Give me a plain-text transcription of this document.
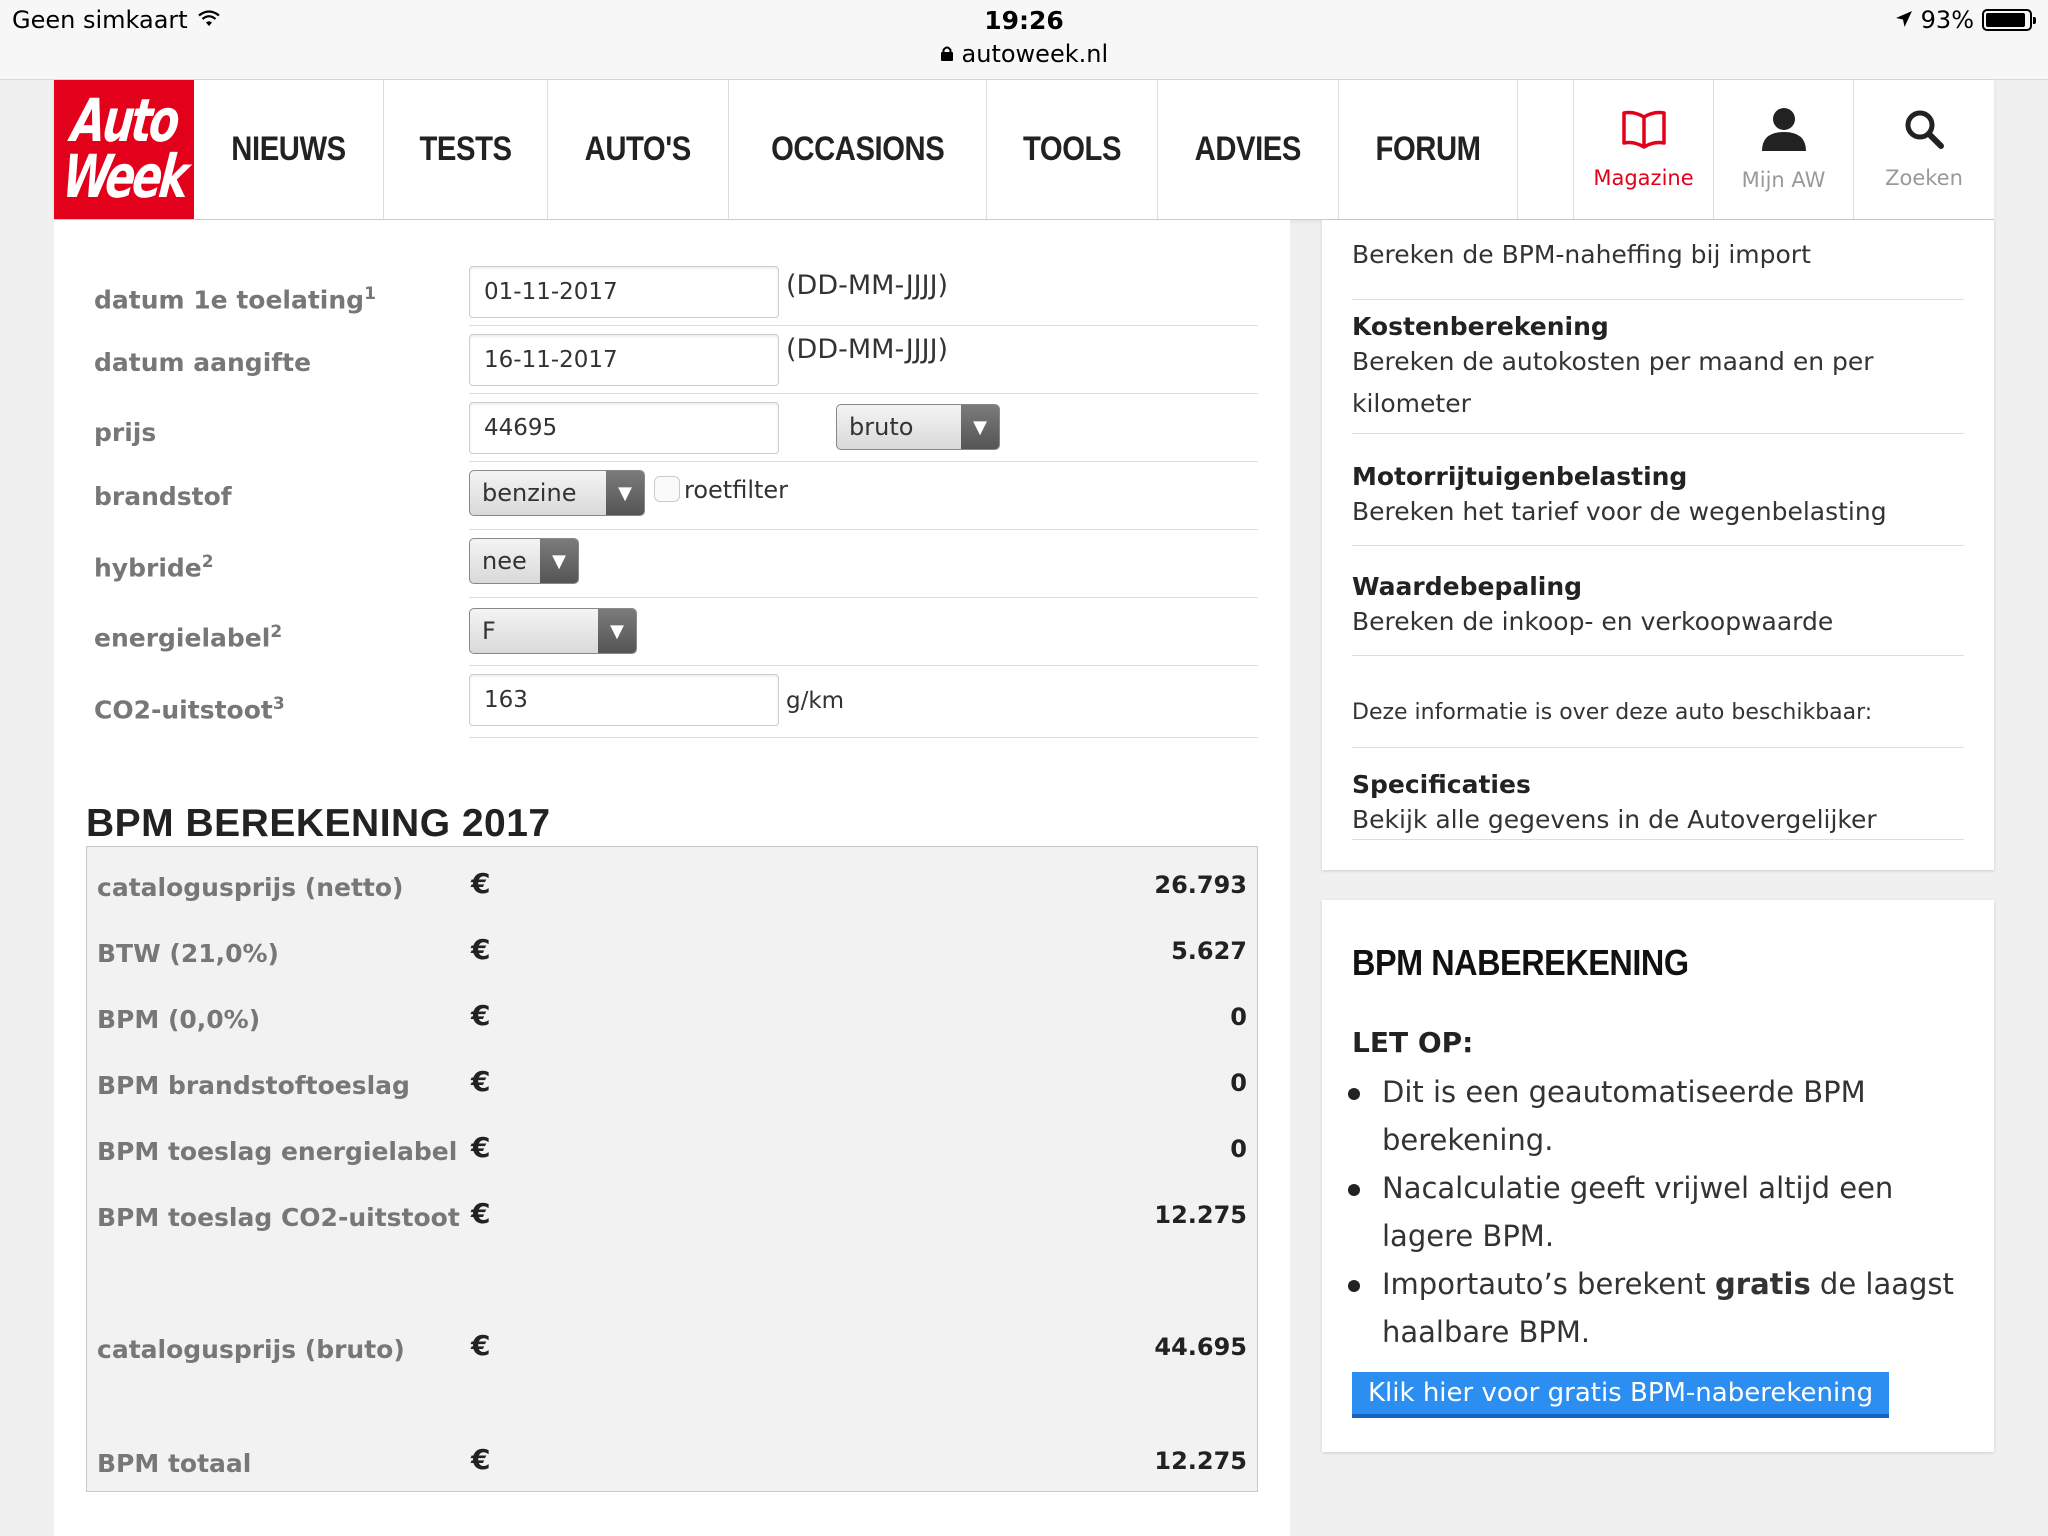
Geen simkaart	19:26
autoweek.nl
93%
Auto
Week NIEUWS TESTS AUTO'S OCCASIONS TOOLS ADVIES FORUM
Magazine Mijn AW	Zoeken
datum 1e toelating$^1$	01-11-2017	(DD-MM-JJJJ)
datum aangifte	16-11-2017	(DD-MM-JJJJ)
prijs	44695	bruto	▼
brandstof	benzine	▼	roetfilter
hybride$^2$	nee	▼
energielabel$^2$	F	▼
CO2-uitstoot$^3$	163	g/km
BPM BEREKENING 2017
catalogusprijs (netto) €	26.793
BTW (21,0%)	€	5.627
BPM (0,0%)	€	0
BPM brandstoftoeslag €	0
BPM toeslag energielabel €	0
BPM toeslag CO2-uitstoot €	12.275
catalogusprijs (bruto) €	44.695
BPM totaal	€	12.275
Bereken de BPM-naheffing bij import
Kostenberekening
Bereken de autokosten per maand en per kilometer
Motorrijtuigenbelasting
Bereken het tarief voor de wegenbelasting
Waardebepaling
Bereken de inkoop- en verkoopwaarde
Deze informatie is over deze auto beschikbaar:
Specificaties
Bekijk alle gegevens in de Autovergelijker
BPM NABEREKENING
LET OP:
Dit is een geautomatiseerde BPM berekening.
Nacalculatie geeft vrijwel altijd een lagere BPM.
Importauto’s berekent gratis de laagst haalbare BPM.
Klik hier voor gratis BPM-naberekening
